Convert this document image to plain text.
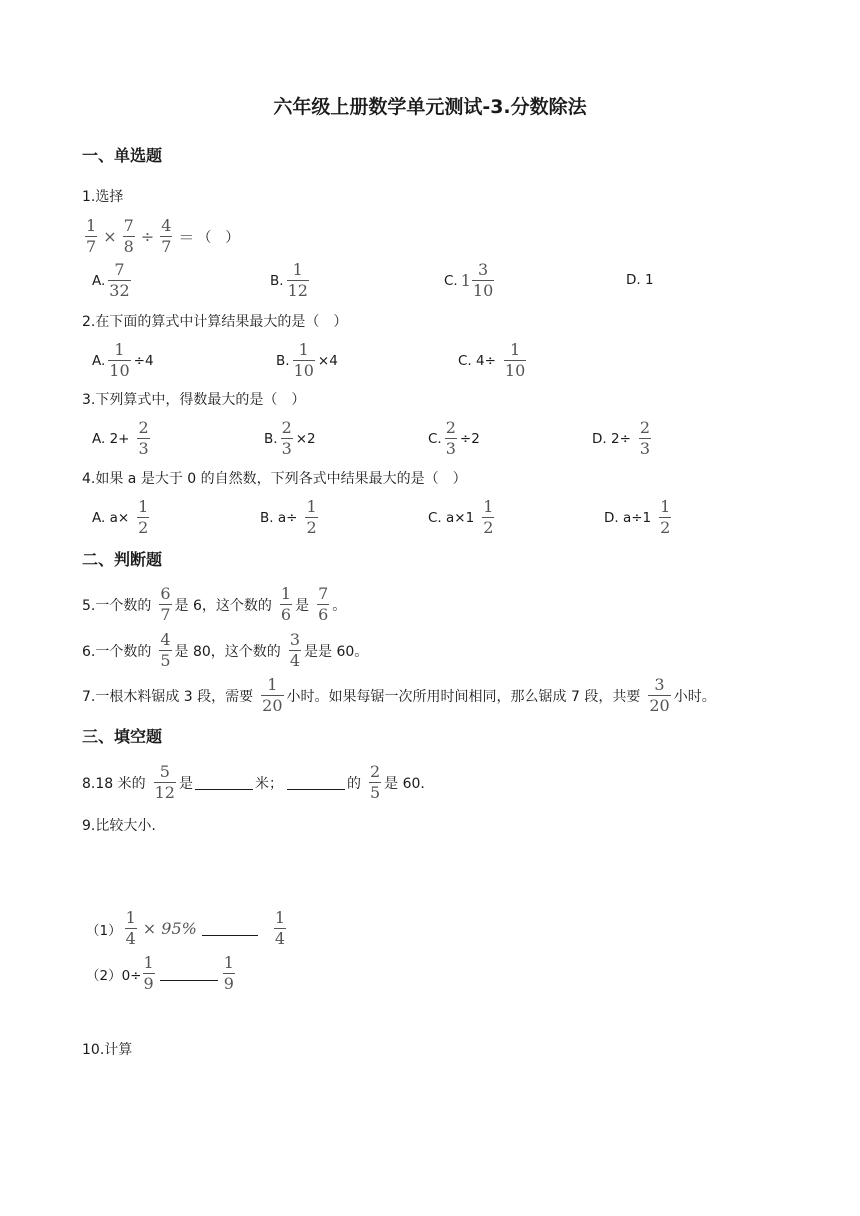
六年级上册数学单元测试-3.分数除法
一、单选题
1.选择
$\frac{1}{7} \times \frac{7}{8} \div \frac{4}{7}$ ＝ （　）
A. $\frac{7}{32}$	B. $\frac{1}{12}$	C. $1 \frac{3}{10}$	D. 1
2.在下面的算式中计算结果最大的是（　）
A. $\frac{1}{10} \div 4$	B. $\frac{1}{10} \times 4$	C. $4\div \frac{1}{10}$
3.下列算式中，得数最大的是（　）
A. $2+ \frac{2}{3}$	B. $\frac{2}{3} \times 2$	C. $\frac{2}{3} \div 2$	D. $2\div \frac{2}{3}$
4.如果 a 是大于 0 的自然数，下列各式中结果最大的是（　）
A. $a\times \frac{1}{2}$	B. $a\div \frac{1}{2}$	C. $a\times 1 \frac{1}{2}$	D. $a\div 1 \frac{1}{2}$
二、判断题
5.一个数的 $\frac{6}{7}$ 是 6，这个数的 $\frac{1}{6}$ 是 $\frac{7}{6}$ 。
6.一个数的 $\frac{4}{5}$ 是 80，这个数的 $\frac{3}{4}$ 是是 60。
7.一根木料锯成 3 段，需要 $\frac{1}{20}$ 小时。如果每锯一次所用时间相同，那么锯成 7 段，共要 $\frac{3}{20}$ 小时。
三、填空题
8.18 米的 $\frac{5}{12}$ 是	米；	的 $\frac{2}{5}$ 是 60.
9.比较大小.
$(1) \frac{1}{4} \times 95\%$	$\frac{1}{4}$
$(2)0\div \frac{1}{9}$	$\frac{1}{9}$
10.计算
